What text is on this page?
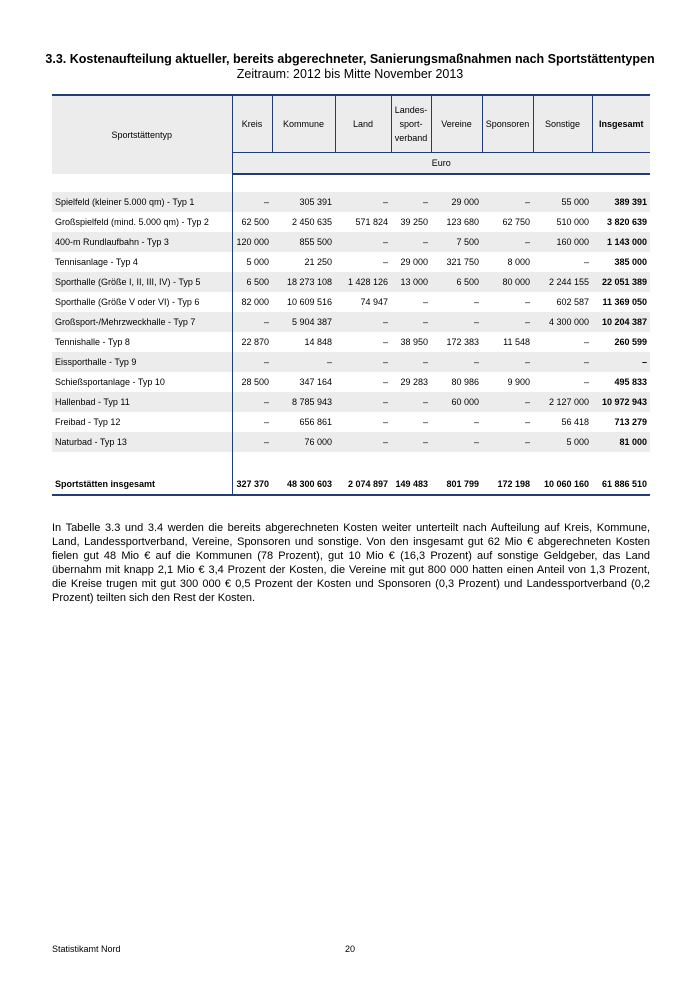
3.3. Kostenaufteilung aktueller, bereits abgerechneter, Sanierungsmaßnahmen nach Sportstättentypen
Zeitraum: 2012 bis Mitte November 2013
Sportstättentyp	Kreis	Kommune	Land	Landes-
sport-
verband	Vereine	Sponsoren	Sonstige	Insgesamt
	Euro							

Spielfeld (kleiner 5.000 qm) - Typ 1	–	305 391	–	–	29 000	–	55 000	389 391
Großspielfeld (mind. 5.000 qm) - Typ 2	62 500	2 450 635	571 824	39 250	123 680	62 750	510 000	3 820 639
400-m Rundlaufbahn - Typ 3	120 000	855 500	–	–	7 500	–	160 000	1 143 000
Tennisanlage - Typ 4	5 000	21 250	–	29 000	321 750	8 000	–	385 000
Sporthalle (Größe I, II, III, IV) - Typ 5	6 500	18 273 108	1 428 126	13 000	6 500	80 000	2 244 155	22 051 389
Sporthalle (Größe V oder VI) - Typ 6	82 000	10 609 516	74 947	–	–	–	602 587	11 369 050
Großsport-/Mehrzweckhalle - Typ 7	–	5 904 387	–	–	–	–	4 300 000	10 204 387
Tennishalle - Typ 8	22 870	14 848	–	38 950	172 383	11 548	–	260 599
Eissporthalle - Typ 9	–	–	–	–	–	–	–	–
Schießsportanlage - Typ 10	28 500	347 164	–	29 283	80 986	9 900	–	495 833
Hallenbad - Typ 11	–	8 785 943	–	–	60 000	–	2 127 000	10 972 943
Freibad - Typ 12	–	656 861	–	–	–	–	56 418	713 279
Naturbad - Typ 13	–	76 000	–	–	–	–	5 000	81 000

Sportstätten insgesamt	327 370	48 300 603	2 074 897	149 483	801 799	172 198	10 060 160	61 886 510
In Tabelle 3.3 und 3.4 werden die bereits abgerechneten Kosten weiter unterteilt nach Aufteilung auf Kreis, Kommune, Land, Landessportverband, Vereine, Sponsoren und sonstige. Von den insgesamt gut 62 Mio € abgerechneten Kosten fielen gut 48 Mio € auf die Kommunen (78 Prozent), gut 10 Mio € (16,3 Prozent) auf sonstige Geldgeber, das Land übernahm mit knapp 2,1 Mio € 3,4 Prozent der Kosten, die Vereine mit gut 800 000 hatten einen Anteil von 1,3 Prozent, die Kreise trugen mit gut 300 000 € 0,5 Prozent der Kosten und Sponsoren (0,3 Prozent) und Landessportverband (0,2 Prozent) teilten sich den Rest der Kosten.
Statistikamt Nord	20
